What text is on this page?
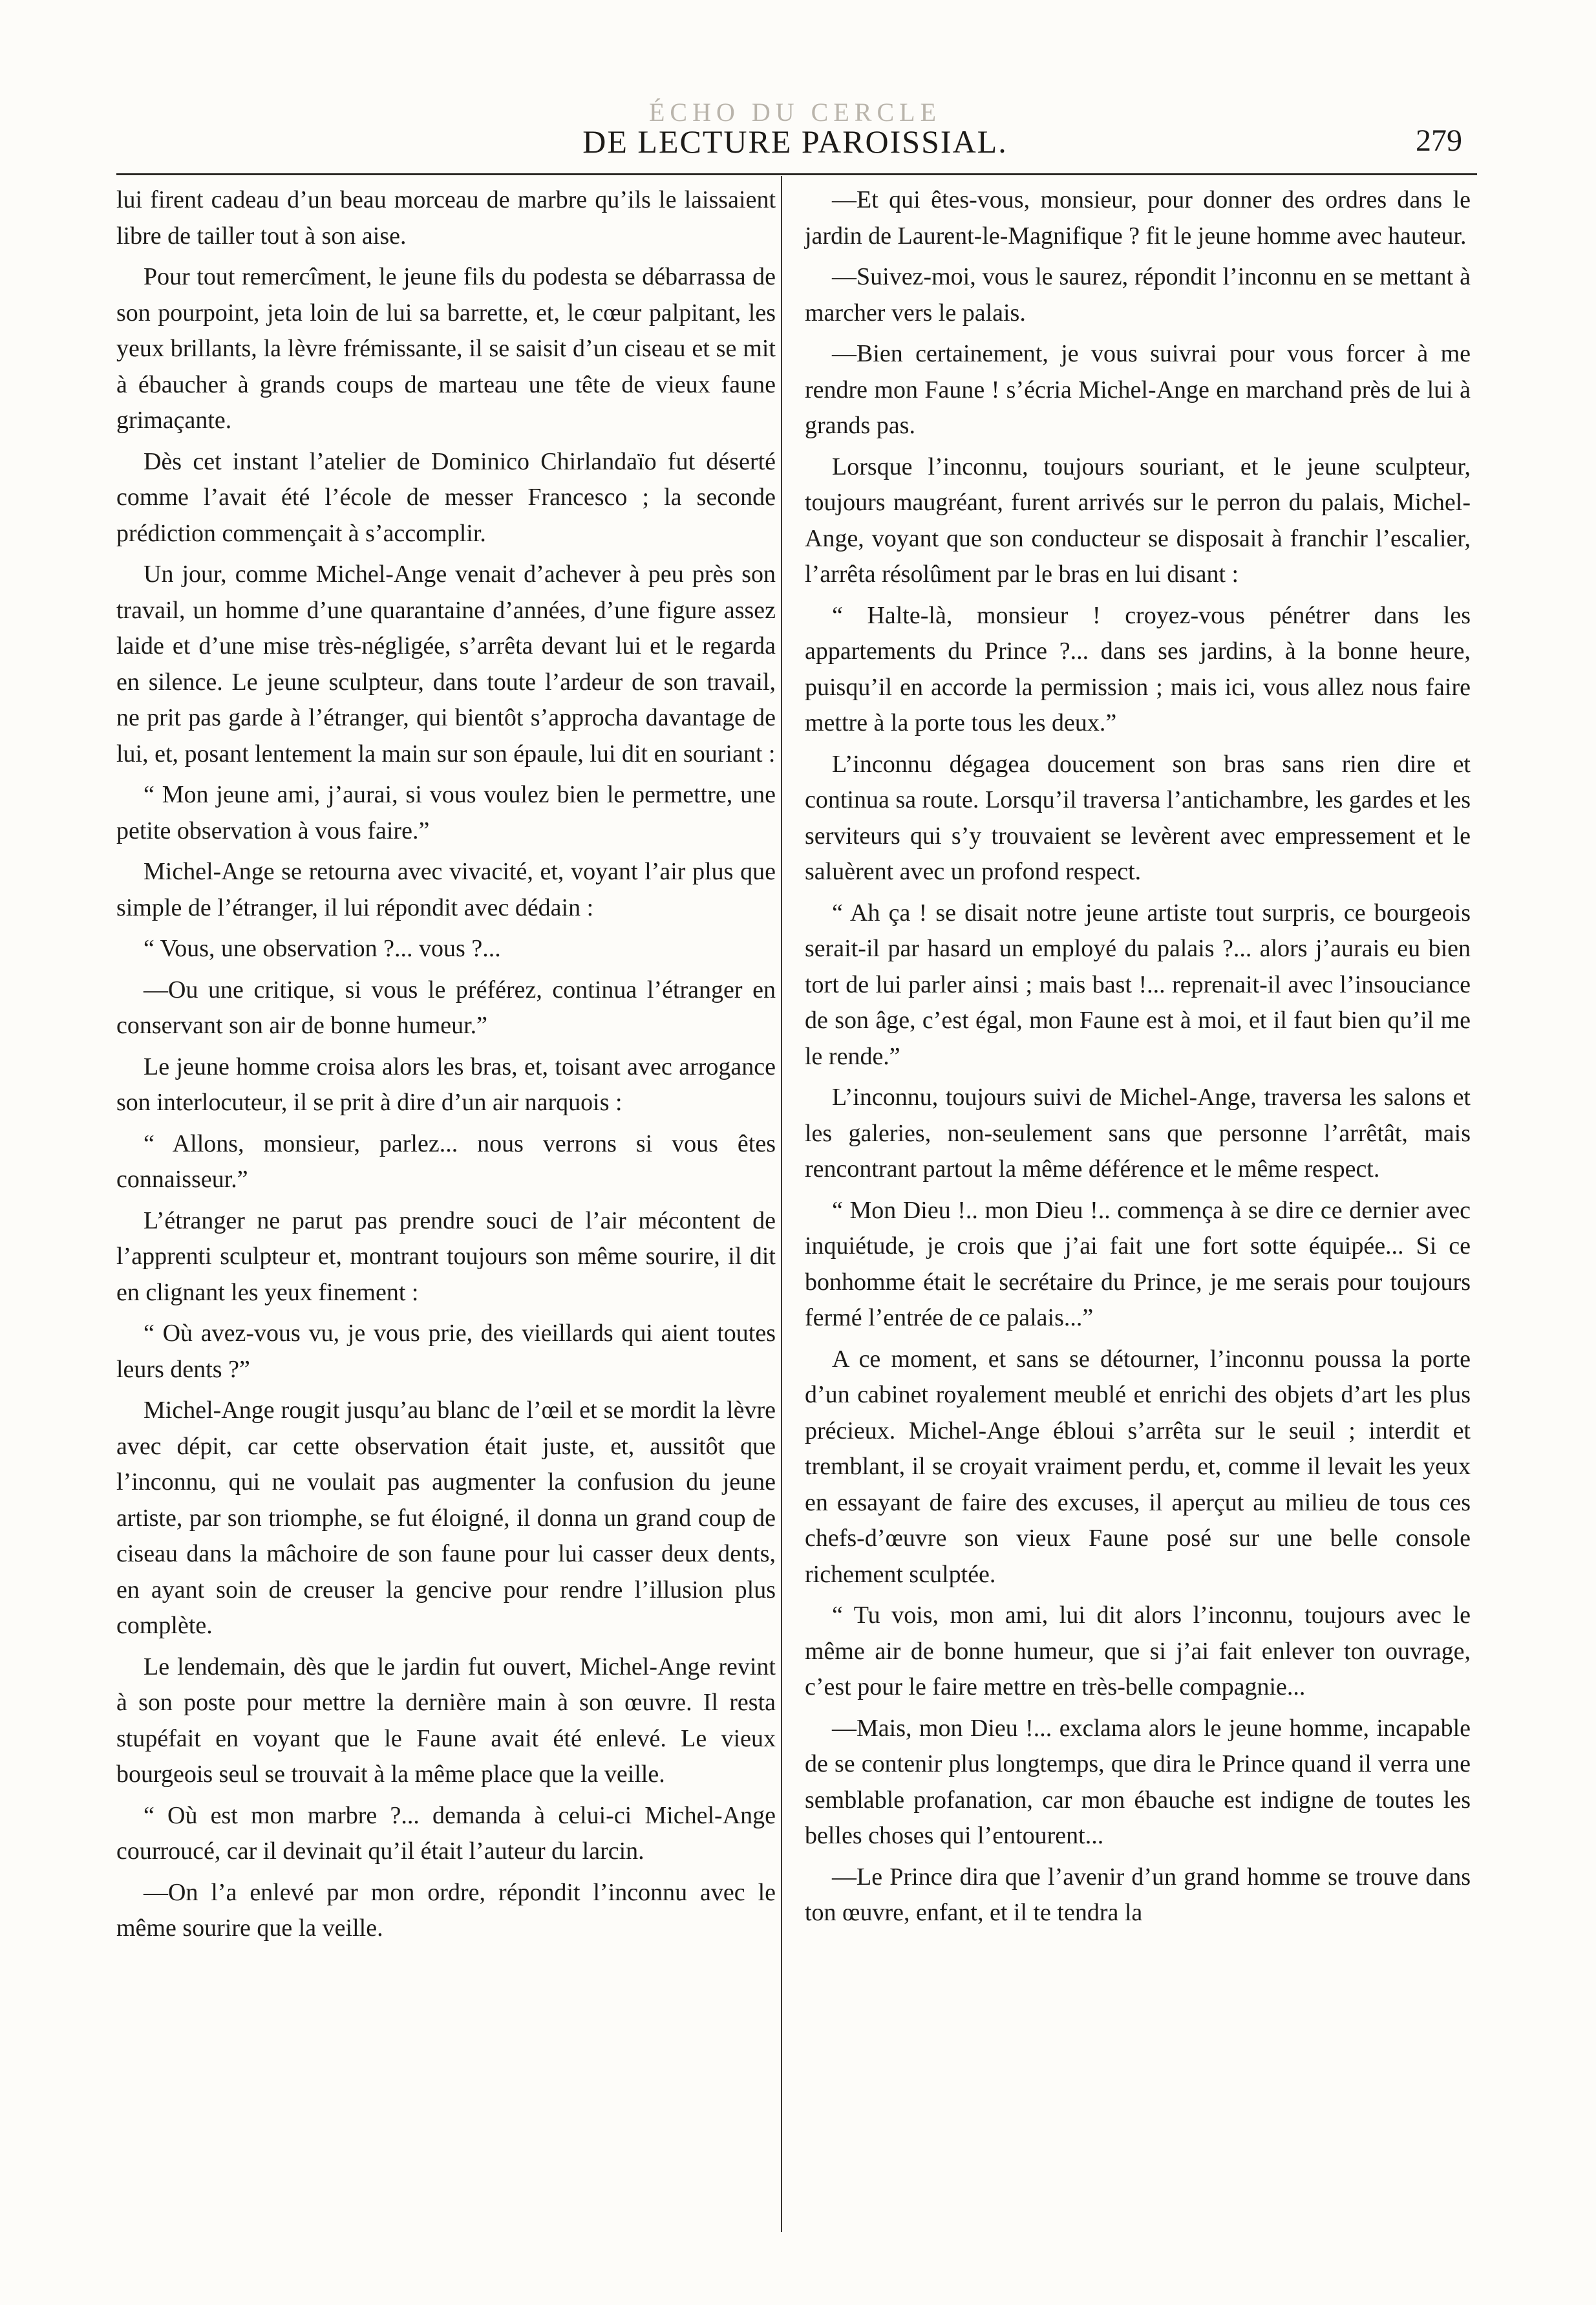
ÉCHO DU CERCLE
DE LECTURE PAROISSIAL.	279

lui firent cadeau d’un beau morceau de marbre qu’ils le laissaient libre de tailler tout à son aise.

Pour tout remercîment, le jeune fils du podesta se débarrassa de son pourpoint, jeta loin de lui sa barrette, et, le cœur palpitant, les yeux brillants, la lèvre frémissante, il se saisit d’un ciseau et se mit à ébaucher à grands coups de marteau une tête de vieux faune grimaçante.

Dès cet instant l’atelier de Dominico Chirlandaïo fut déserté comme l’avait été l’école de messer Francesco ; la seconde prédiction commençait à s’accomplir.

Un jour, comme Michel-Ange venait d’achever à peu près son travail, un homme d’une quarantaine d’années, d’une figure assez laide et d’une mise très-négligée, s’arrêta devant lui et le regarda en silence. Le jeune sculpteur, dans toute l’ardeur de son travail, ne prit pas garde à l’étranger, qui bientôt s’approcha davantage de lui, et, posant lentement la main sur son épaule, lui dit en souriant :

“ Mon jeune ami, j’aurai, si vous voulez bien le permettre, une petite observation à vous faire.”

Michel-Ange se retourna avec vivacité, et, voyant l’air plus que simple de l’étranger, il lui répondit avec dédain :

“ Vous, une observation ?... vous ?...

—Ou une critique, si vous le préférez, continua l’étranger en conservant son air de bonne humeur.”

Le jeune homme croisa alors les bras, et, toisant avec arrogance son interlocuteur, il se prit à dire d’un air narquois :

“ Allons, monsieur, parlez... nous verrons si vous êtes connaisseur.”

L’étranger ne parut pas prendre souci de l’air mécontent de l’apprenti sculpteur et, montrant toujours son même sourire, il dit en clignant les yeux finement :

“ Où avez-vous vu, je vous prie, des vieillards qui aient toutes leurs dents ?”

Michel-Ange rougit jusqu’au blanc de l’œil et se mordit la lèvre avec dépit, car cette observation était juste, et, aussitôt que l’inconnu, qui ne voulait pas augmenter la confusion du jeune artiste, par son triomphe, se fut éloigné, il donna un grand coup de ciseau dans la mâchoire de son faune pour lui casser deux dents, en ayant soin de creuser la gencive pour rendre l’illusion plus complète.

Le lendemain, dès que le jardin fut ouvert, Michel-Ange revint à son poste pour mettre la dernière main à son œuvre. Il resta stupéfait en voyant que le Faune avait été enlevé. Le vieux bourgeois seul se trouvait à la même place que la veille.

“ Où est mon marbre ?... demanda à celui-ci Michel-Ange courroucé, car il devinait qu’il était l’auteur du larcin.

—On l’a enlevé par mon ordre, répondit l’inconnu avec le même sourire que la veille.

—Et qui êtes-vous, monsieur, pour donner des ordres dans le jardin de Laurent-le-Magnifique ? fit le jeune homme avec hauteur.

—Suivez-moi, vous le saurez, répondit l’inconnu en se mettant à marcher vers le palais.

—Bien certainement, je vous suivrai pour vous forcer à me rendre mon Faune ! s’écria Michel-Ange en marchand près de lui à grands pas.

Lorsque l’inconnu, toujours souriant, et le jeune sculpteur, toujours maugréant, furent arrivés sur le perron du palais, Michel-Ange, voyant que son conducteur se disposait à franchir l’escalier, l’arrêta résolûment par le bras en lui disant :

“ Halte-là, monsieur ! croyez-vous pénétrer dans les appartements du Prince ?... dans ses jardins, à la bonne heure, puisqu’il en accorde la permission ; mais ici, vous allez nous faire mettre à la porte tous les deux.”

L’inconnu dégagea doucement son bras sans rien dire et continua sa route. Lorsqu’il traversa l’antichambre, les gardes et les serviteurs qui s’y trouvaient se levèrent avec empressement et le saluèrent avec un profond respect.

“ Ah ça ! se disait notre jeune artiste tout surpris, ce bourgeois serait-il par hasard un employé du palais ?... alors j’aurais eu bien tort de lui parler ainsi ; mais bast !... reprenait-il avec l’insouciance de son âge, c’est égal, mon Faune est à moi, et il faut bien qu’il me le rende.”

L’inconnu, toujours suivi de Michel-Ange, traversa les salons et les galeries, non-seulement sans que personne l’arrêtât, mais rencontrant partout la même déférence et le même respect.

“ Mon Dieu !.. mon Dieu !.. commença à se dire ce dernier avec inquiétude, je crois que j’ai fait une fort sotte équipée... Si ce bonhomme était le secrétaire du Prince, je me serais pour toujours fermé l’entrée de ce palais...”

A ce moment, et sans se détourner, l’inconnu poussa la porte d’un cabinet royalement meublé et enrichi des objets d’art les plus précieux. Michel-Ange ébloui s’arrêta sur le seuil ; interdit et tremblant, il se croyait vraiment perdu, et, comme il levait les yeux en essayant de faire des excuses, il aperçut au milieu de tous ces chefs-d’œuvre son vieux Faune posé sur une belle console richement sculptée.

“ Tu vois, mon ami, lui dit alors l’inconnu, toujours avec le même air de bonne humeur, que si j’ai fait enlever ton ouvrage, c’est pour le faire mettre en très-belle compagnie...

—Mais, mon Dieu !... exclama alors le jeune homme, incapable de se contenir plus longtemps, que dira le Prince quand il verra une semblable profanation, car mon ébauche est indigne de toutes les belles choses qui l’entourent...

—Le Prince dira que l’avenir d’un grand homme se trouve dans ton œuvre, enfant, et il te tendra la
